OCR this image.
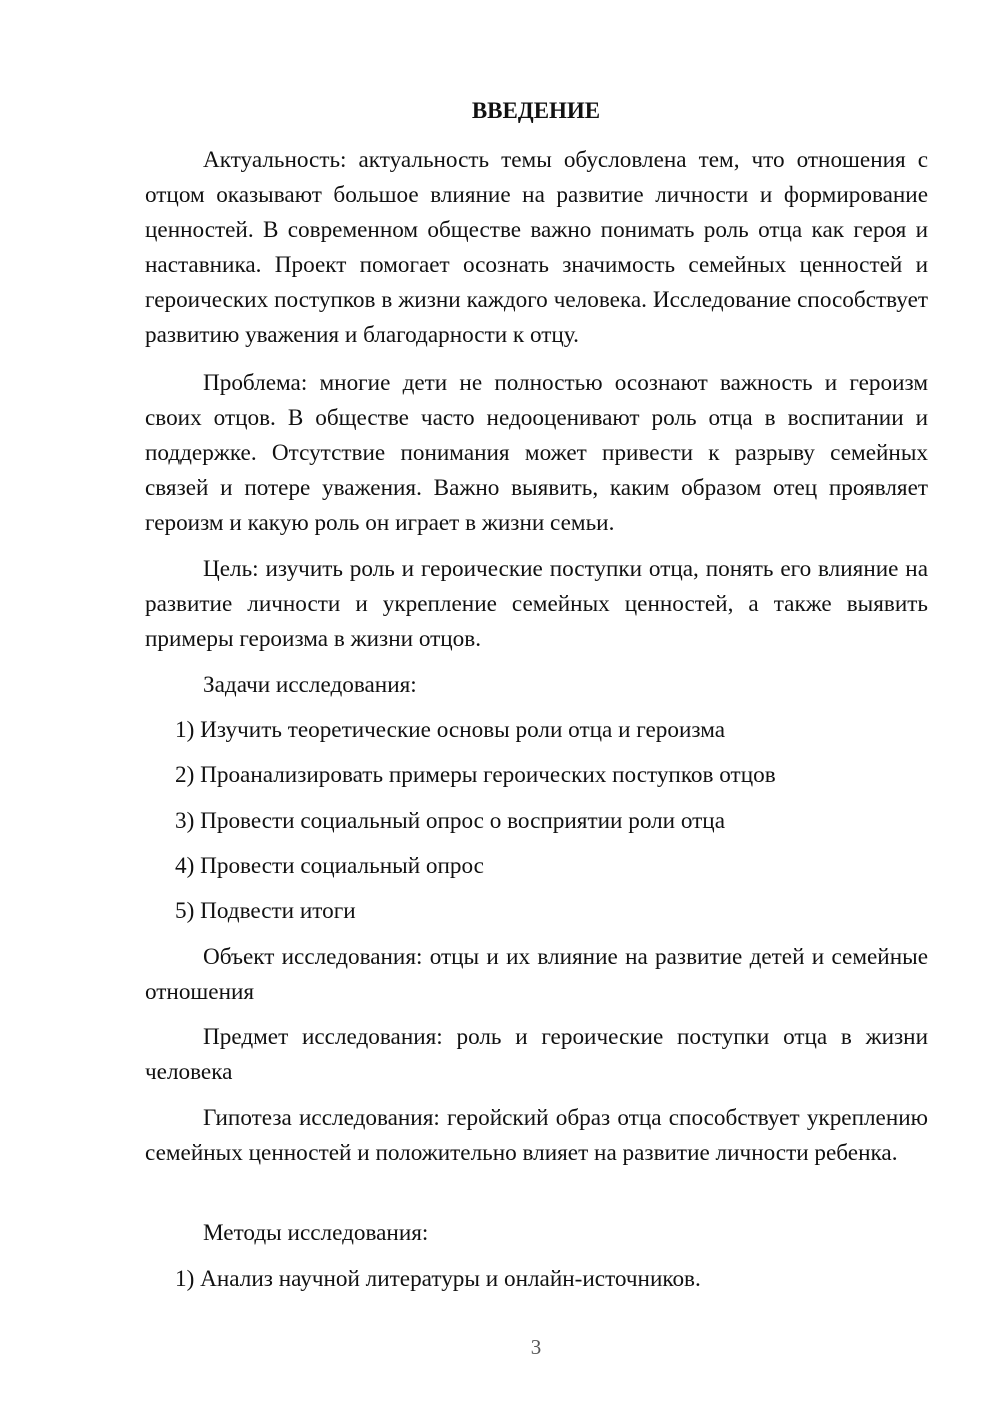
ВВЕДЕНИЕ

Актуальность: актуальность темы обусловлена тем, что отношения с отцом оказывают большое влияние на развитие личности и формирование ценностей. В современном обществе важно понимать роль отца как героя и наставника. Проект помогает осознать значимость семейных ценностей и героических поступков в жизни каждого человека. Исследование способствует развитию уважения и благодарности к отцу.

Проблема: многие дети не полностью осознают важность и героизм своих отцов. В обществе часто недооценивают роль отца в воспитании и поддержке. Отсутствие понимания может привести к разрыву семейных связей и потере уважения. Важно выявить, каким образом отец проявляет героизм и какую роль он играет в жизни семьи.

Цель: изучить роль и героические поступки отца, понять его влияние на развитие личности и укрепление семейных ценностей, а также выявить примеры героизма в жизни отцов.

Задачи исследования:

1) Изучить теоретические основы роли отца и героизма

2) Проанализировать примеры героических поступков отцов

3) Провести социальный опрос о восприятии роли отца

4) Провести социальный опрос

5) Подвести итоги

Объект исследования: отцы и их влияние на развитие детей и семейные отношения

Предмет исследования: роль и героические поступки отца в жизни человека

Гипотеза исследования: геройский образ отца способствует укреплению семейных ценностей и положительно влияет на развитие личности ребенка.

Методы исследования:

1) Анализ научной литературы и онлайн-источников.

3
